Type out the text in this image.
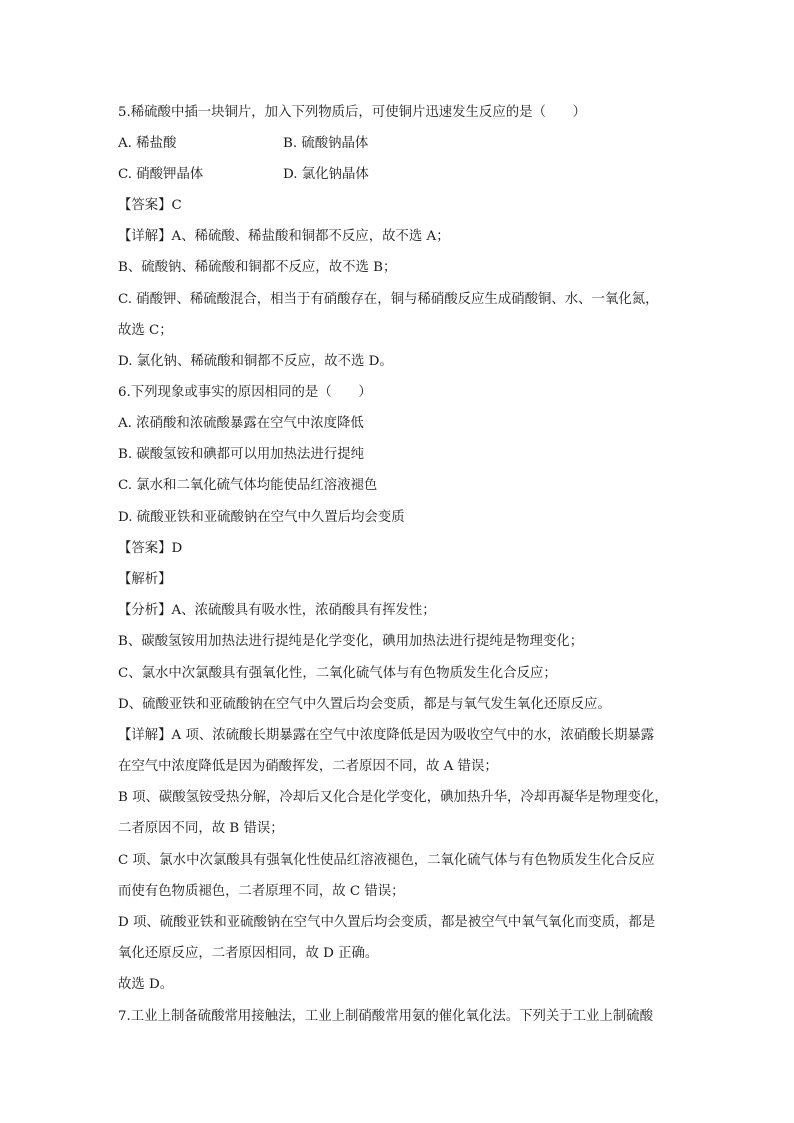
5.稀硫酸中插一块铜片，加入下列物质后，可使铜片迅速发生反应的是（　　）
A. 稀盐酸	B. 硫酸钠晶体
C. 硝酸钾晶体	D. 氯化钠晶体
【答案】C
【详解】A、稀硫酸、稀盐酸和铜都不反应，故不选 A；
B、硫酸钠、稀硫酸和铜都不反应，故不选 B；
C. 硝酸钾、稀硫酸混合，相当于有硝酸存在，铜与稀硝酸反应生成硝酸铜、水、一氧化氮，
故选 C；
D. 氯化钠、稀硫酸和铜都不反应，故不选 D。
6.下列现象或事实的原因相同的是（　　）
A. 浓硝酸和浓硫酸暴露在空气中浓度降低
B. 碳酸氢铵和碘都可以用加热法进行提纯
C. 氯水和二氧化硫气体均能使品红溶液褪色
D. 硫酸亚铁和亚硫酸钠在空气中久置后均会变质
【答案】D
【解析】
【分析】A、浓硫酸具有吸水性，浓硝酸具有挥发性；
B、碳酸氢铵用加热法进行提纯是化学变化，碘用加热法进行提纯是物理变化；
C、氯水中次氯酸具有强氧化性，二氧化硫气体与有色物质发生化合反应；
D、硫酸亚铁和亚硫酸钠在空气中久置后均会变质，都是与氧气发生氧化还原反应。
【详解】A 项、浓硫酸长期暴露在空气中浓度降低是因为吸收空气中的水，浓硝酸长期暴露
在空气中浓度降低是因为硝酸挥发，二者原因不同，故 A 错误；
B 项、碳酸氢铵受热分解，冷却后又化合是化学变化，碘加热升华，冷却再凝华是物理变化，
二者原因不同，故 B 错误；
C 项、氯水中次氯酸具有强氧化性使品红溶液褪色，二氧化硫气体与有色物质发生化合反应
而使有色物质褪色，二者原理不同，故 C 错误；
D 项、硫酸亚铁和亚硫酸钠在空气中久置后均会变质，都是被空气中氧气氧化而变质，都是
氧化还原反应，二者原因相同，故 D 正确。
故选 D。
7.工业上制备硫酸常用接触法，工业上制硝酸常用氨的催化氧化法。下列关于工业上制硫酸
